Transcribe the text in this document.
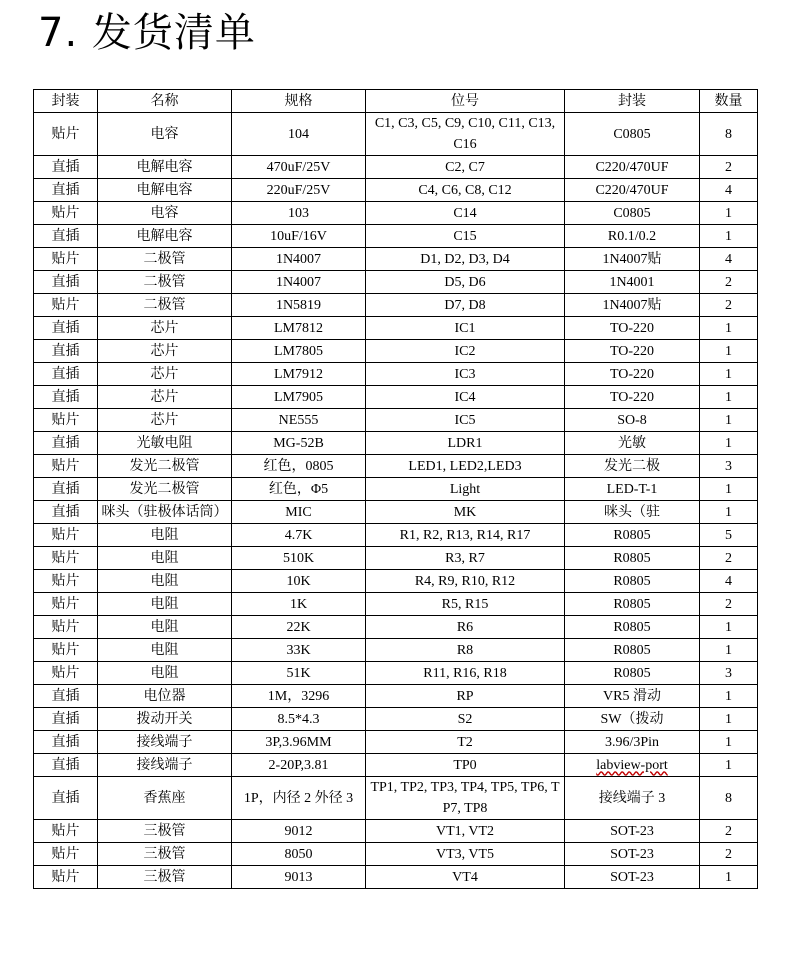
7. 发货清单
封装	名称	规格	位号	封装	数量
贴片	电容	104	C1, C3, C5, C9, C10, C11, C13, C16	C0805	8
直插	电解电容	470uF/25V	C2, C7	C220/470UF	2
直插	电解电容	220uF/25V	C4, C6, C8, C12	C220/470UF	4
贴片	电容	103	C14	C0805	1
直插	电解电容	10uF/16V	C15	R0.1/0.2	1
贴片	二极管	1N4007	D1, D2, D3, D4	1N4007贴	4
直插	二极管	1N4007	D5, D6	1N4001	2
贴片	二极管	1N5819	D7, D8	1N4007贴	2
直插	芯片	LM7812	IC1	TO-220	1
直插	芯片	LM7805	IC2	TO-220	1
直插	芯片	LM7912	IC3	TO-220	1
直插	芯片	LM7905	IC4	TO-220	1
贴片	芯片	NE555	IC5	SO-8	1
直插	光敏电阻	MG-52B	LDR1	光敏	1
贴片	发光二极管	红色，0805	LED1, LED2,LED3	发光二极	3
直插	发光二极管	红色，Φ5	Light	LED-T-1	1
直插	咪头（驻极体话筒）	MIC	MK	咪头（驻	1
贴片	电阻	4.7K	R1, R2, R13, R14, R17	R0805	5
贴片	电阻	510K	R3, R7	R0805	2
贴片	电阻	10K	R4, R9, R10, R12	R0805	4
贴片	电阻	1K	R5, R15	R0805	2
贴片	电阻	22K	R6	R0805	1
贴片	电阻	33K	R8	R0805	1
贴片	电阻	51K	R11, R16, R18	R0805	3
直插	电位器	1M，3296	RP	VR5 滑动	1
直插	拨动开关	8.5*4.3	S2	SW（拨动	1
直插	接线端子	3P,3.96MM	T2	3.96/3Pin	1
直插	接线端子	2-20P,3.81	TP0	labview-port	1
直插	香蕉座	1P，内径 2 外径 3	TP1, TP2, TP3, TP4, TP5, TP6, TP7, TP8	接线端子 3	8
贴片	三极管	9012	VT1, VT2	SOT-23	2
贴片	三极管	8050	VT3, VT5	SOT-23	2
贴片	三极管	9013	VT4	SOT-23	1
